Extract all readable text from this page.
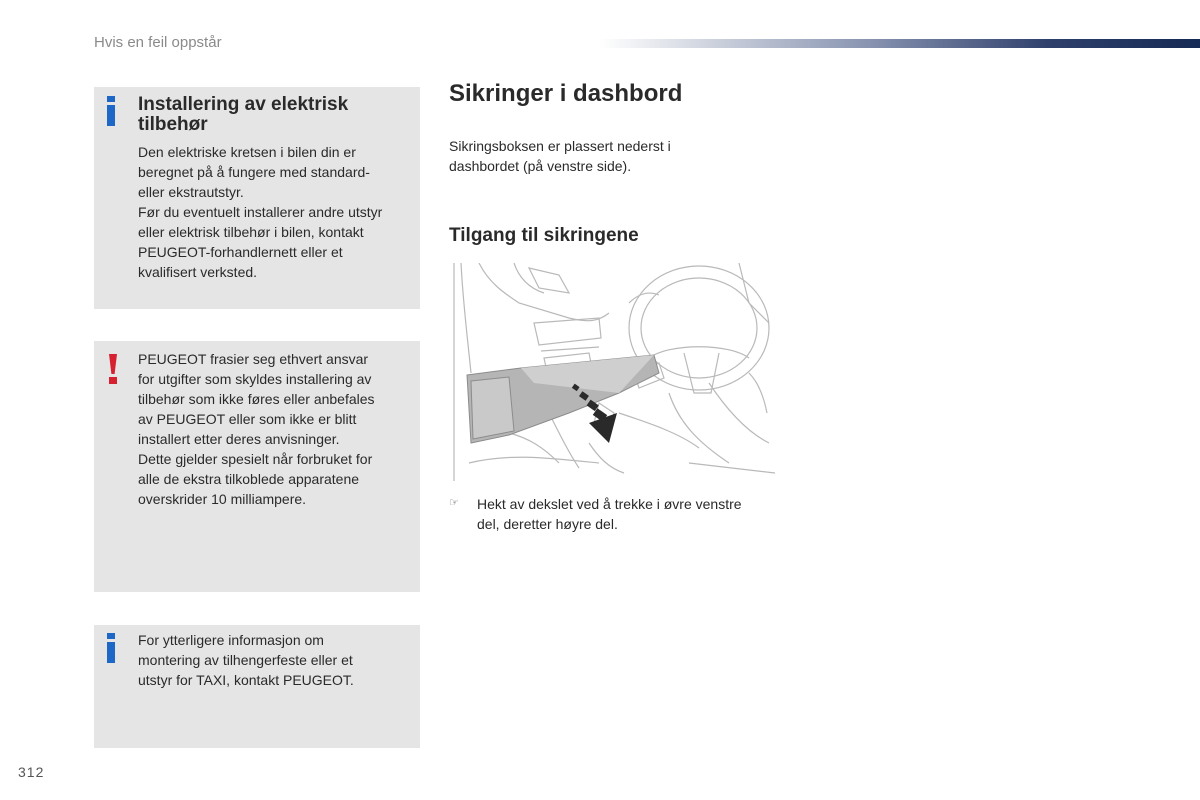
Hvis en feil oppstår
Installering av elektrisk tilbehør
Den elektriske kretsen i bilen din er
beregnet på å fungere med standard-
eller ekstrautstyr.
Før du eventuelt installerer andre utstyr
eller elektrisk tilbehør i bilen, kontakt
PEUGEOT-forhandlernett eller et
kvalifisert verksted.
PEUGEOT frasier seg ethvert ansvar
for utgifter som skyldes installering av
tilbehør som ikke føres eller anbefales
av PEUGEOT eller som ikke er blitt
installert etter deres anvisninger.
Dette gjelder spesielt når forbruket for
alle de ekstra tilkoblede apparatene
overskrider 10 milliampere.
For ytterligere informasjon om
montering av tilhengerfeste eller et
utstyr for TAXI, kontakt PEUGEOT.
Sikringer i dashbord
Sikringsboksen er plassert nederst i
dashbordet (på venstre side).
Tilgang til sikringene
☞ Hekt av dekslet ved å trekke i øvre venstre
del, deretter høyre del.
312
